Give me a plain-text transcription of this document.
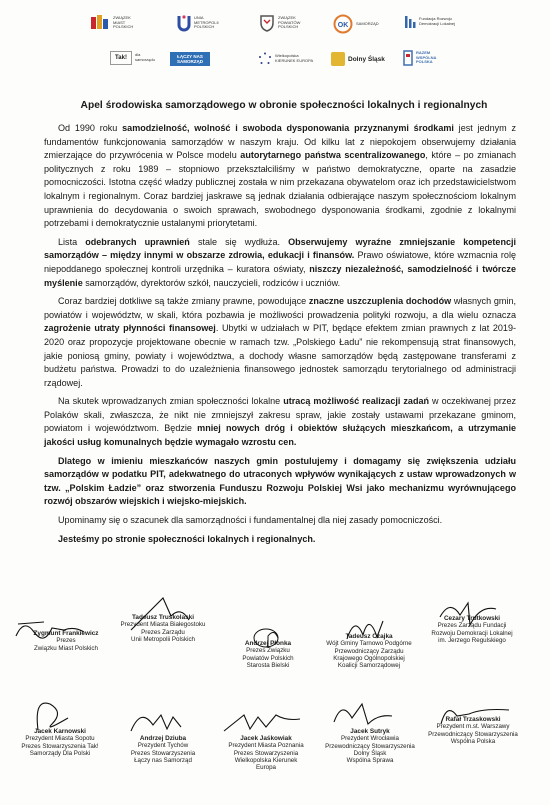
ZWIĄZEK
MIAST
POLSKICH
UNIA
METROPOLII
POLSKICH
ZWIĄZEK
POWIATÓW
POLSKICH	OK SAMORZĄD
Fundacja Rozwoju
Demokracji Lokalnej
Tak!
dla
samorządu
ŁĄCZY NAS
SAMORZĄD
Wielkopolska
KIERUNEK EUROPA	Dolny Śląsk
RAZEM
WSPÓLNA
POLSKA
Apel środowiska samorządowego w obronie społeczności lokalnych i regionalnych

Od 1990 roku samodzielność, wolność i swoboda dysponowania przyznanymi środkami jest jednym z fundamentów funkcjonowania samorządów w naszym kraju. Od kilku lat z niepokojem obserwujemy działania zmierzające do przywrócenia w Polsce modelu autorytarnego państwa scentralizowanego, które – po zmianach politycznych z roku 1989 – stopniowo przekształciliśmy w państwo demokratyczne, oparte na zasadzie pomocniczości. Istotna część władzy publicznej została w nim przekazana obywatelom oraz ich przedstawicielstwom lokalnym i regionalnym. Coraz bardziej jaskrawe są jednak działania odbierające naszym społecznościom lokalnym uprawnienia do decydowania o swoich sprawach, swobodnego dysponowania środkami, zgodnie z lokalnymi potrzebami i demokratycznie ustalanymi priorytetami.

Lista odebranych uprawnień stale się wydłuża. Obserwujemy wyraźne zmniejszanie kompetencji samorządów – między innymi w obszarze zdrowia, edukacji i finansów. Prawo oświatowe, które wzmacnia rolę niepoddanego społecznej kontroli urzędnika – kuratora oświaty, niszczy niezależność, samodzielność i twórcze myślenie samorządów, dyrektorów szkół, nauczycieli, rodziców i uczniów.

Coraz bardziej dotkliwe są także zmiany prawne, powodujące znaczne uszczuplenia dochodów własnych gmin, powiatów i województw, w skali, która pozbawia je możliwości prowadzenia polityki rozwoju, a dla wielu oznacza zagrożenie utraty płynności finansowej. Ubytki w udziałach w PIT, będące efektem zmian prawnych z lat 2019-2020 oraz propozycje projektowane obecnie w ramach tzw. „Polskiego Ładu” nie rekompensują strat finansowych, jakie poniosą gminy, powiaty i województwa, a dochody własne samorządów będą zastępowane transferami z budżetu państwa. Prowadzi to do uzależnienia finansowego jednostek samorządu terytorialnego od administracji rządowej.

Na skutek wprowadzanych zmian społeczności lokalne utracą możliwość realizacji zadań w oczekiwanej przez Polaków skali, zwłaszcza, że nikt nie zmniejszył zakresu spraw, jakie zostały ustawami przekazane gminom, powiatom i województwom. Będzie mniej nowych dróg i obiektów służących mieszkańcom, a utrzymanie jakości usług komunalnych będzie wymagało wzrostu cen.

Dlatego w imieniu mieszkańców naszych gmin postulujemy i domagamy się zwiększenia udziału samorządów w podatku PIT, adekwatnego do utraconych wpływów wynikających z ustaw wprowadzonych w tzw. „Polskim Ładzie” oraz stworzenia Funduszu Rozwoju Polskiej Wsi jako mechanizmu wyrównującego rozwój obszarów wiejskich i wiejsko-miejskich.

Upominamy się o szacunek dla samorządności i fundamentalnej dla niej zasady pomocniczości.

Jesteśmy po stronie społeczności lokalnych i regionalnych.

Zygmunt Frankiewicz
Prezes
Związku Miast Polskich
Tadeusz Truskolaski
Prezydent Miasta Białegostoku
Prezes Zarządu
Unii Metropolii Polskich
Andrzej Płonka
Prezes Związku
Powiatów Polskich
Starosta Bielski
Tadeusz Czajka
Wójt Gminy Tarnowo Podgórne
Przewodniczący Zarządu
Krajowego Ogólnopolskiej
Koalicji Samorządowej
Cezary Trutkowski
Prezes Zarządu Fundacji
Rozwoju Demokracji Lokalnej
im. Jerzego Regulskiego
Jacek Karnowski
Prezydent Miasta Sopotu
Prezes Stowarzyszenia Tak!
Samorządy Dla Polski
Andrzej Dziuba
Prezydent Tychów
Prezes Stowarzyszenia
Łączy nas Samorząd
Jacek Jaśkowiak
Prezydent Miasta Poznania
Prezes Stowarzyszenia
Wielkopolska Kierunek
Europa
Jacek Sutryk
Prezydent Wrocławia
Przewodniczący Stowarzyszenia
Dolny Śląsk
Wspólna Sprawa
Rafał Trzaskowski
Prezydent m.st. Warszawy
Przewodniczący Stowarzyszenia
Wspólna Polska
